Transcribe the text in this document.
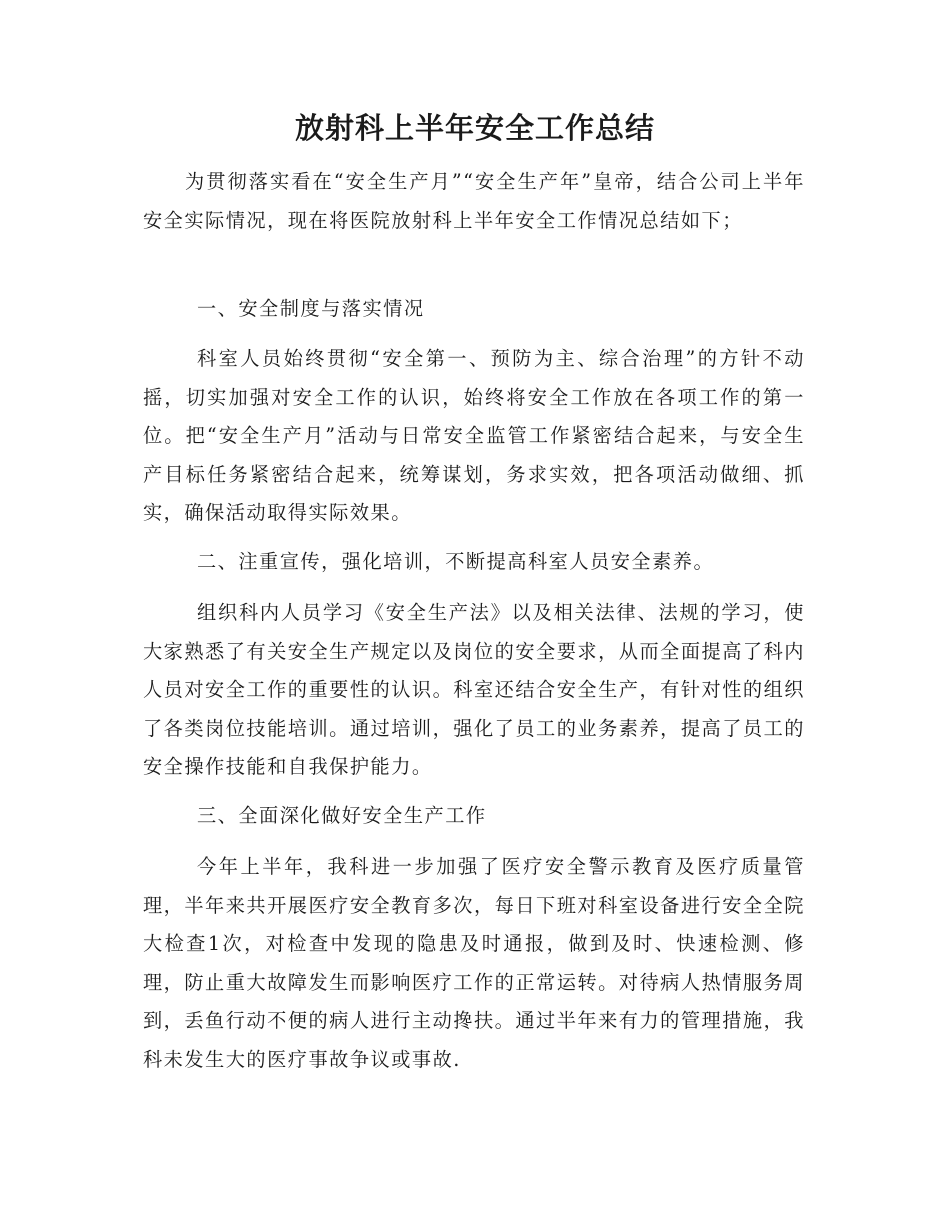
放射科上半年安全工作总结

为贯彻落实看在“安全生产月”“安全生产年”皇帝，结合公司上半年安全实际情况，现在将医院放射科上半年安全工作情况总结如下；

一、安全制度与落实情况

科室人员始终贯彻“安全第一、预防为主、综合治理”的方针不动摇，切实加强对安全工作的认识，始终将安全工作放在各项工作的第一位。把“安全生产月”活动与日常安全监管工作紧密结合起来，与安全生产目标任务紧密结合起来，统筹谋划，务求实效，把各项活动做细、抓实，确保活动取得实际效果。

二、注重宣传，强化培训，不断提高科室人员安全素养。

组织科内人员学习《安全生产法》以及相关法律、法规的学习，使大家熟悉了有关安全生产规定以及岗位的安全要求，从而全面提高了科内人员对安全工作的重要性的认识。科室还结合安全生产，有针对性的组织了各类岗位技能培训。通过培训，强化了员工的业务素养，提高了员工的安全操作技能和自我保护能力。

三、全面深化做好安全生产工作

今年上半年，我科进一步加强了医疗安全警示教育及医疗质量管理，半年来共开展医疗安全教育多次，每日下班对科室设备进行安全全院大检查1次，对检查中发现的隐患及时通报，做到及时、快速检测、修理，防止重大故障发生而影响医疗工作的正常运转。对待病人热情服务周到，丢鱼行动不便的病人进行主动搀扶。通过半年来有力的管理措施，我科未发生大的医疗事故争议或事故.
